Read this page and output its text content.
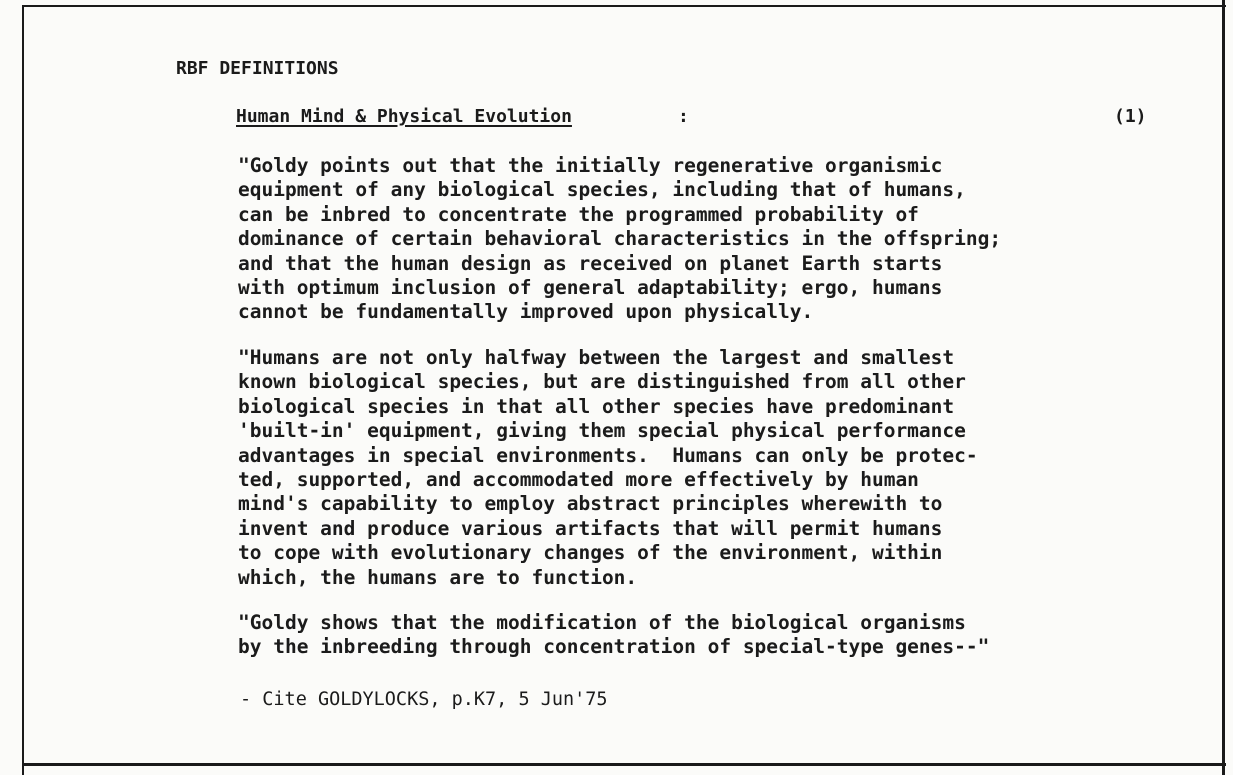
RBF DEFINITIONS
Human Mind & Physical Evolution	:	(1)
"Goldy points out that the initially regenerative organismic
equipment of any biological species, including that of humans,
can be inbred to concentrate the programmed probability of
dominance of certain behavioral characteristics in the offspring;
and that the human design as received on planet Earth starts
with optimum inclusion of general adaptability; ergo, humans
cannot be fundamentally improved upon physically.
"Humans are not only halfway between the largest and smallest
known biological species, but are distinguished from all other
biological species in that all other species have predominant
'built-in' equipment, giving them special physical performance
advantages in special environments.  Humans can only be protec-
ted, supported, and accommodated more effectively by human
mind's capability to employ abstract principles wherewith to
invent and produce various artifacts that will permit humans
to cope with evolutionary changes of the environment, within
which, the humans are to function.
"Goldy shows that the modification of the biological organisms
by the inbreeding through concentration of special-type genes--"
- Cite GOLDYLOCKS, p.K7, 5 Jun'75
